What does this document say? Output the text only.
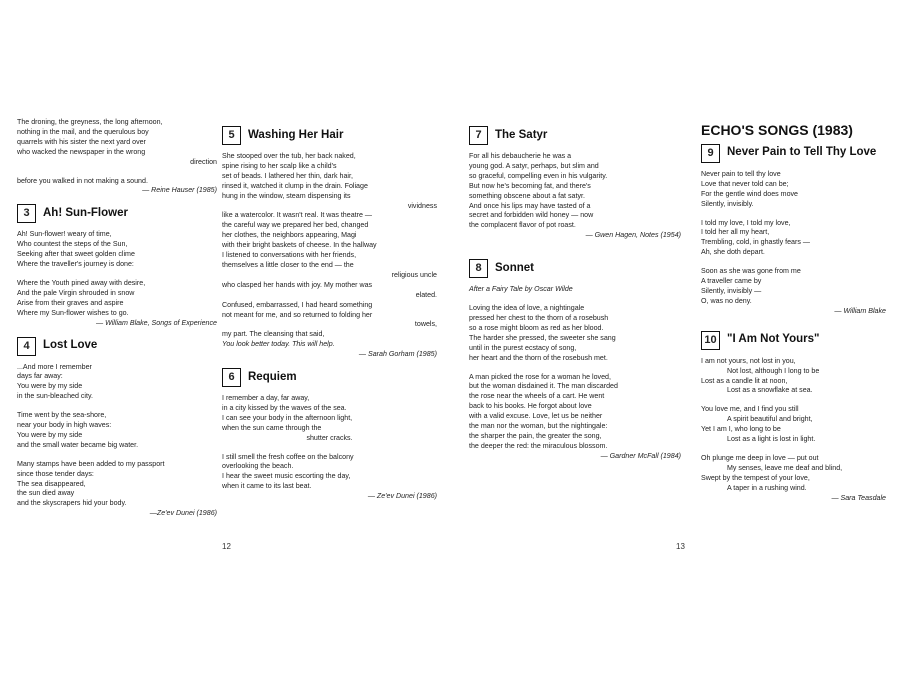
The droning, the greyness, the long afternoon,
nothing in the mail, and the querulous boy
quarrels with his sister the next yard over
who wacked the newspaper in the wrong
direction
before you walked in not making a sound.
— Reine Hauser (1985)
3	Ah! Sun-Flower
Ah! Sun-flower! weary of time,
Who countest the steps of the Sun,
Seeking after that sweet golden clime
Where the traveller's journey is done:
Where the Youth pined away with desire,
And the pale Virgin shrouded in snow
Arise from their graves and aspire
Where my Sun-flower wishes to go.
— William Blake, Songs of Experience
4	Lost Love
...And more I remember
days far away:
You were by my side
in the sun-bleached city.
Time went by the sea-shore,
near your body in high waves:
You were by my side
and the small water became big water.
Many stamps have been added to my passport
since those tender days:
The sea disappeared,
the sun died away
and the skyscrapers hid your body.
—Ze'ev Dunei (1986)
5	Washing Her Hair
She stooped over the tub, her back naked,
spine rising to her scalp like a child's
set of beads. I lathered her thin, dark hair,
rinsed it, watched it clump in the drain. Foliage
hung in the window, steam dispensing its
vividness
like a watercolor. It wasn't real. It was theatre —
the careful way we prepared her bed, changed
her clothes, the neighbors appearing, Magi
with their bright baskets of cheese. In the hallway
I listened to conversations with her friends,
themselves a little closer to the end — the
religious uncle
who clasped her hands with joy. My mother was
elated.
Confused, embarrassed, I had heard something
not meant for me, and so returned to folding her
towels,
my part. The cleansing that said,
You look better today. This will help.
— Sarah Gorham (1985)
6	Requiem
I remember a day, far away,
in a city kissed by the waves of the sea.
I can see your body in the afternoon light,
when the sun came through the
shutter cracks.
I still smell the fresh coffee on the balcony
overlooking the beach.
I hear the sweet music escorting the day,
when it came to its last beat.
— Ze'ev Dunei (1986)
12
7	The Satyr
For all his debaucherie he was a
young god. A satyr, perhaps, but slim and
so graceful, compelling even in his vulgarity.
But now he's becoming fat, and there's
something obscene about a fat satyr.
And once his lips may have tasted of a
secret and forbidden wild honey — now
the complacent flavor of pot roast.
— Gwen Hagen, Notes (1954)
8	Sonnet
After a Fairy Tale by Oscar Wilde
Loving the idea of love, a nightingale
pressed her chest to the thorn of a rosebush
so a rose might bloom as red as her blood.
The harder she pressed, the sweeter she sang
until in the purest ecstacy of song,
her heart and the thorn of the rosebush met.
A man picked the rose for a woman he loved,
but the woman disdained it. The man discarded
the rose near the wheels of a cart. He went
back to his books. He forgot about love
with a valid excuse. Love, let us be neither
the man nor the woman, but the nightingale:
the sharper the pain, the greater the song,
the deeper the red: the miraculous blossom.
— Gardner McFall (1984)
13
ECHO'S SONGS (1983)
9	Never Pain to Tell Thy Love
Never pain to tell thy love
Love that never told can be;
For the gentle wind does move
Silently, invisibly.
I told my love, I told my love,
I told her all my heart,
Trembling, cold, in ghastly fears —
Ah, she doth depart.
Soon as she was gone from me
A traveller came by
Silently, invisibly —
O, was no deny.
— William Blake
10 "I Am Not Yours"
I am not yours, not lost in you,
Not lost, although I long to be
Lost as a candle lit at noon,
Lost as a snowflake at sea.
You love me, and I find you still
A spirit beautiful and bright,
Yet I am I, who long to be
Lost as a light is lost in light.
Oh plunge me deep in love — put out
My senses, leave me deaf and blind,
Swept by the tempest of your love,
A taper in a rushing wind.
— Sara Teasdale
